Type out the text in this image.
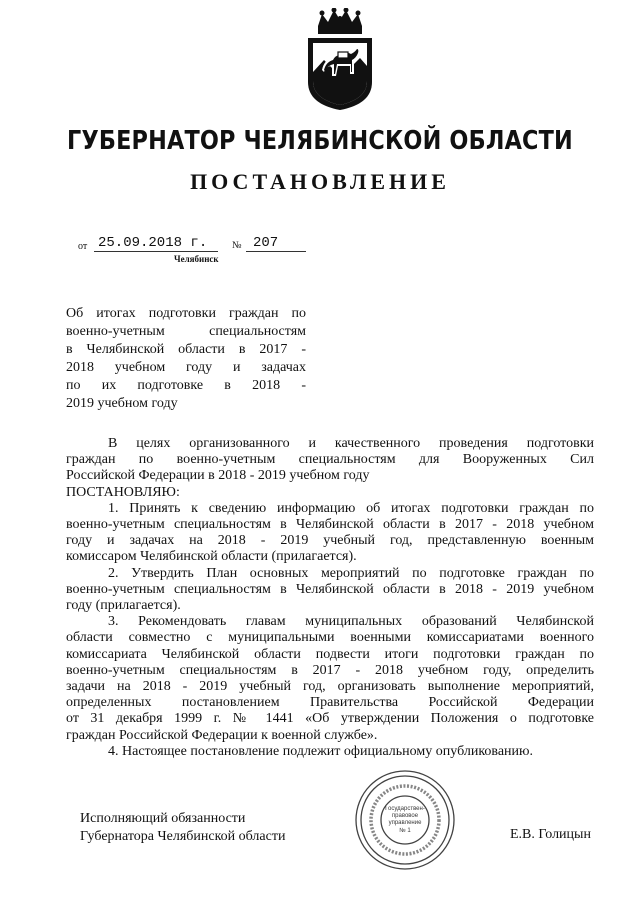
ГУБЕРНАТОР ЧЕЛЯБИНСКОЙ ОБЛАСТИ
ПОСТАНОВЛЕНИЕ
от 25.09.2018 г. № 207
Челябинск
Об итогах подготовки граждан по
военно-учетным специальностям
в Челябинской области в 2017 -
2018 учебном году и задачах
по их подготовке в 2018 -
2019 учебном году
В целях организованного и качественного проведения подготовки
граждан по военно-учетным специальностям для Вооруженных Сил
Российской Федерации в 2018 - 2019 учебном году
ПОСТАНОВЛЯЮ:
1. Принять к сведению информацию об итогах подготовки граждан по
военно-учетным специальностям в Челябинской области в 2017 - 2018 учебном
году и задачах на 2018 - 2019 учебный год, представленную военным
комиссаром Челябинской области (прилагается).
2. Утвердить План основных мероприятий по подготовке граждан по
военно-учетным специальностям в Челябинской области в 2018 - 2019 учебном
году (прилагается).
3. Рекомендовать главам муниципальных образований Челябинской
области совместно с муниципальными военными комиссариатами военного
комиссариата Челябинской области подвести итоги подготовки граждан по
военно-учетным специальностям в 2017 - 2018 учебном году, определить
задачи на 2018 - 2019 учебный год, организовать выполнение мероприятий,
определенных постановлением Правительства Российской Федерации
от 31 декабря 1999 г. № 1441 «Об утверждении Положения о подготовке
граждан Российской Федерации к военной службе».
4. Настоящее постановление подлежит официальному опубликованию.
Исполняющий обязанности
Губернатора Челябинской области	Е.В. Голицын
Государствен-
правовое
управление
№ 1
